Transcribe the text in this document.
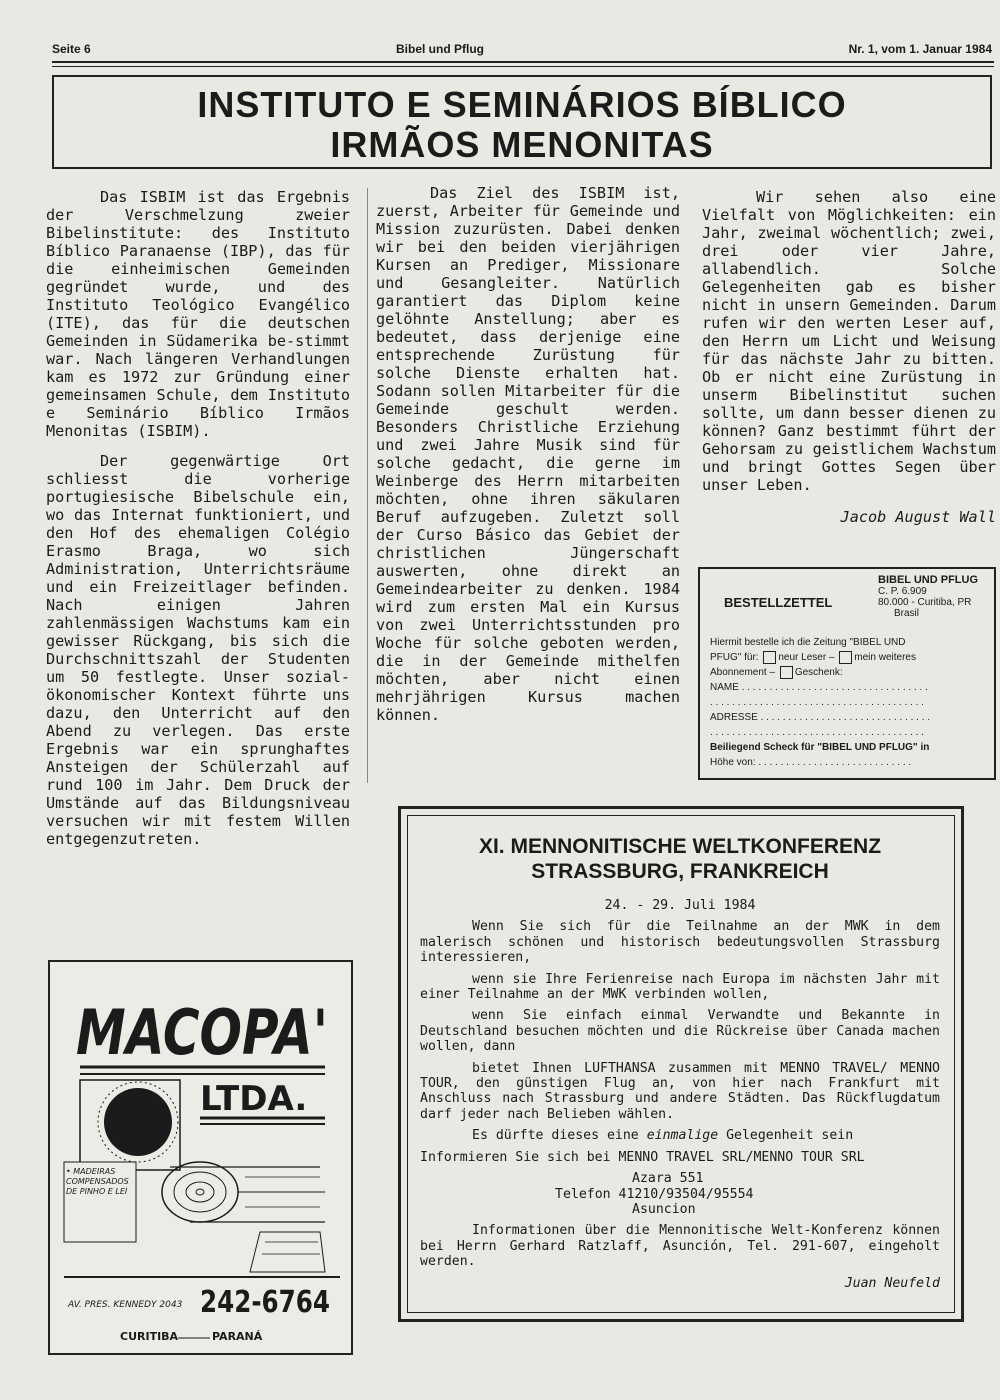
Seite 6	Bibel und Pflug	Nr. 1, vom 1. Januar 1984
INSTITUTO E SEMINÁRIOS BÍBLICO
IRMÃOS MENONITAS

Das ISBIM ist das Ergebnis der Verschmelzung zweier Bibelinstitute: des Instituto Bíblico Paranaense (IBP), das für die einheimischen Gemeinden gegründet wurde, und des Instituto Teológico Evangélico (ITE), das für die deutschen Gemeinden in Südamerika be-stimmt war. Nach längeren Verhandlungen kam es 1972 zur Gründung einer gemeinsamen Schule, dem Instituto e Seminário Bíblico Irmãos Menonitas (ISBIM).

Der gegenwärtige Ort schliesst die vorherige portugiesische Bibelschule ein, wo das Internat funktioniert, und den Hof des ehemaligen Colégio Erasmo Braga, wo sich Administration, Unterrichtsräume und ein Freizeitlager befinden. Nach einigen Jahren zahlenmässigen Wachstums kam ein gewisser Rückgang, bis sich die Durchschnittszahl der Studenten um 50 festlegte. Unser sozial-ökonomischer Kontext führte uns dazu, den Unterricht auf den Abend zu verlegen. Das erste Ergebnis war ein sprunghaftes Ansteigen der Schülerzahl auf rund 100 im Jahr. Dem Druck der Umstände auf das Bildungsniveau versuchen wir mit festem Willen entgegenzutreten.

Das Ziel des ISBIM ist, zuerst, Arbeiter für Gemeinde und Mission zuzurüsten. Dabei denken wir bei den beiden vierjährigen Kursen an Prediger, Missionare und Gesangleiter. Natürlich garantiert das Diplom keine gelöhnte Anstellung; aber es bedeutet, dass derjenige eine entsprechende Zurüstung für solche Dienste erhalten hat. Sodann sollen Mitarbeiter für die Gemeinde geschult werden. Besonders Christliche Erziehung und zwei Jahre Musik sind für solche gedacht, die gerne im Weinberge des Herrn mitarbeiten möchten, ohne ihren säkularen Beruf aufzugeben. Zuletzt soll der Curso Básico das Gebiet der christlichen Jüngerschaft auswerten, ohne direkt an Gemeindearbeiter zu denken. 1984 wird zum ersten Mal ein Kursus von zwei Unterrichtsstunden pro Woche für solche geboten werden, die in der Gemeinde mithelfen möchten, aber nicht einen mehrjährigen Kursus machen können.

Wir sehen also eine Vielfalt von Möglichkeiten: ein Jahr, zweimal wöchentlich; zwei, drei oder vier Jahre, allabendlich. Solche Gelegenheiten gab es bisher nicht in unsern Gemeinden. Darum rufen wir den werten Leser auf, den Herrn um Licht und Weisung für das nächste Jahr zu bitten. Ob er nicht eine Zurüstung in unserm Bibelinstitut suchen sollte, um dann besser dienen zu können? Ganz bestimmt führt der Gehorsam zu geistlichem Wachstum und bringt Gottes Segen über unser Leben.

Jacob August Wall

BESTELLZETTEL
BIBEL UND PFLUG
C. P. 6.909
80.000 - Curitiba, PR
Brasil
Hiermit bestelle ich die Zeitung "BIBEL UND
PFUG" für: neur Leser – mein weiteres
Abonnement – Geschenk:
NAME . . . . . . . . . . . . . . . . . . . . . . . . . . . . . . . . . .
. . . . . . . . . . . . . . . . . . . . . . . . . . . . . . . . . . . . . . .
ADRESSE . . . . . . . . . . . . . . . . . . . . . . . . . . . . . . .
. . . . . . . . . . . . . . . . . . . . . . . . . . . . . . . . . . . . . . .
Beiliegend Scheck für "BIBEL UND PFLUG" in
Höhe von: . . . . . . . . . . . . . . . . . . . . . . . . . . . .
MACOPA'
LTDA.
• MADEIRAS COMPENSADOS DE PINHO E LEI
AV. PRES. KENNEDY 2043 242-6764
CURITIBA	PARANÁ
XI. MENNONITISCHE WELTKONFERENZ
STRASSBURG, FRANKREICH

24. - 29. Juli 1984

Wenn Sie sich für die Teilnahme an der MWK in dem malerisch schönen und historisch bedeutungsvollen Strassburg interessieren,

wenn sie Ihre Ferienreise nach Europa im nächsten Jahr mit einer Teilnahme an der MWK verbinden wollen,

wenn Sie einfach einmal Verwandte und Bekannte in Deutschland besuchen möchten und die Rückreise über Canada machen wollen, dann

bietet Ihnen LUFTHANSA zusammen mit MENNO TRAVEL/ MENNO TOUR, den günstigen Flug an, von hier nach Frankfurt mit Anschluss nach Strassburg und andere Städten. Das Rückflugdatum darf jeder nach Belieben wählen.

Es dürfte dieses eine einmalige Gelegenheit sein

Informieren Sie sich bei MENNO TRAVEL SRL/MENNO TOUR SRL

Azara 551

Telefon 41210/93504/95554

Asuncion

Informationen über die Mennonitische Welt-Konferenz können bei Herrn Gerhard Ratzlaff, Asunción, Tel. 291-607, eingeholt werden.

Juan Neufeld
